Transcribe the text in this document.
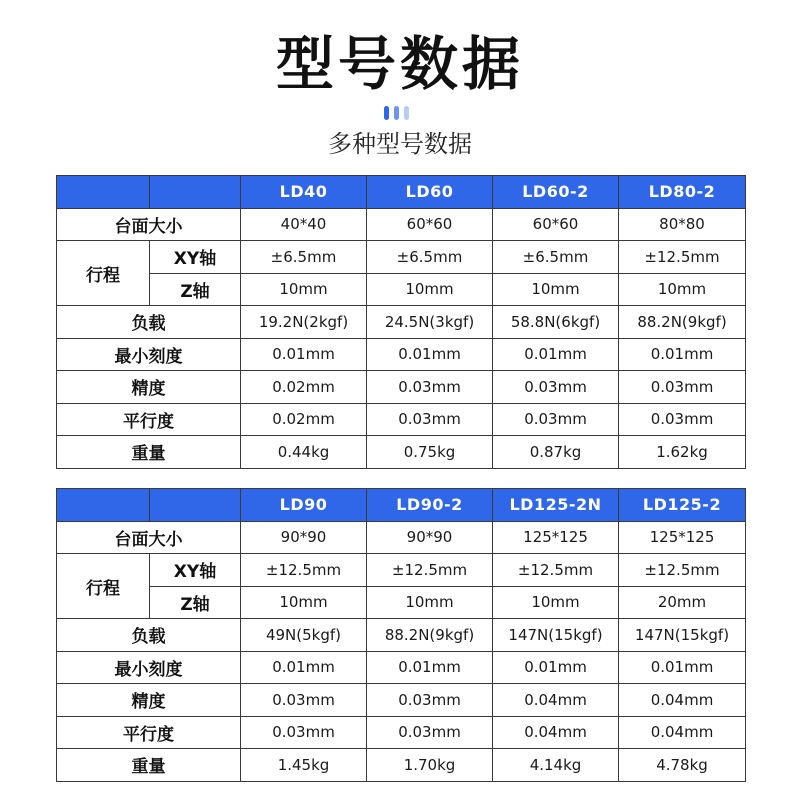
型号数据
多种型号数据
		LD40	LD60	LD60-2	LD80-2
台面大小		40*40	60*60	60*60	80*80
行程	XY轴	±6.5mm	±6.5mm	±6.5mm	±12.5mm
	Z轴	10mm	10mm	10mm	10mm
负载		19.2N(2kgf)	24.5N(3kgf)	58.8N(6kgf)	88.2N(9kgf)
最小刻度		0.01mm	0.01mm	0.01mm	0.01mm
精度		0.02mm	0.03mm	0.03mm	0.03mm
平行度		0.02mm	0.03mm	0.03mm	0.03mm
重量		0.44kg	0.75kg	0.87kg	1.62kg
		LD90	LD90-2	LD125-2N	LD125-2
台面大小		90*90	90*90	125*125	125*125
行程	XY轴	±12.5mm	±12.5mm	±12.5mm	±12.5mm
	Z轴	10mm	10mm	10mm	20mm
负载		49N(5kgf)	88.2N(9kgf)	147N(15kgf)	147N(15kgf)
最小刻度		0.01mm	0.01mm	0.01mm	0.01mm
精度		0.03mm	0.03mm	0.04mm	0.04mm
平行度		0.03mm	0.03mm	0.04mm	0.04mm
重量		1.45kg	1.70kg	4.14kg	4.78kg
